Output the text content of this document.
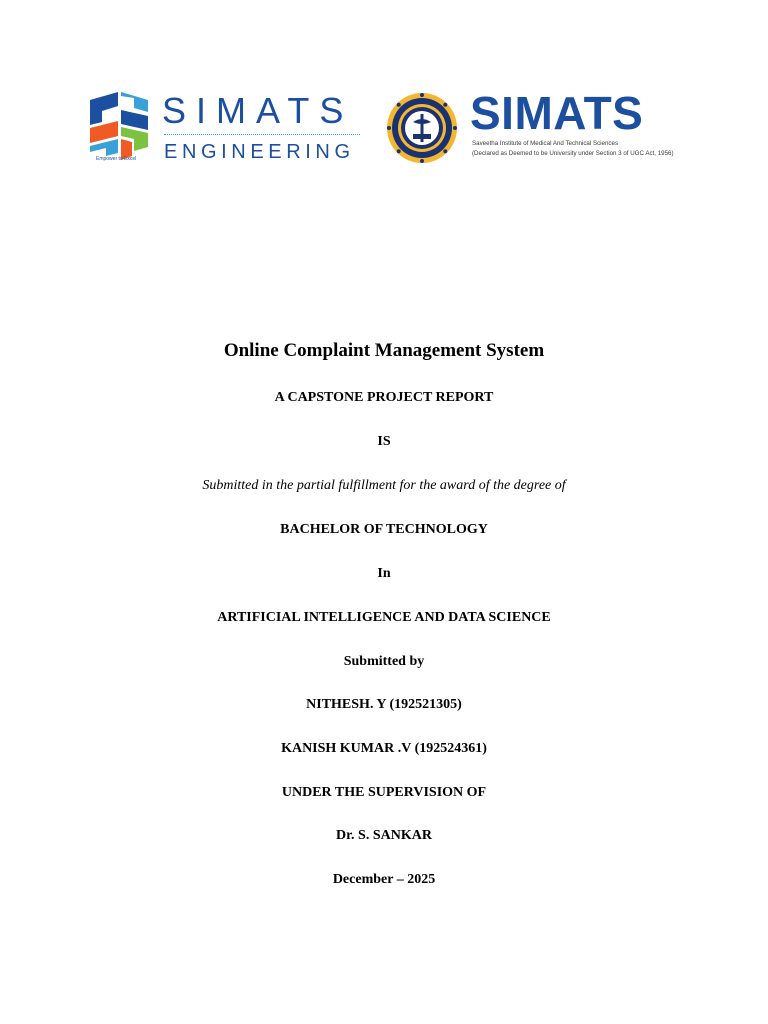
Empower to Excel
SIMATS
ENGINEERING
SIMATS
Saveetha Institute of Medical And Technical Sciences
(Declared as Deemed to be University under Section 3 of UGC Act, 1956)
Online Complaint Management System
A CAPSTONE PROJECT REPORT
IS
Submitted in the partial fulfillment for the award of the degree of
BACHELOR OF TECHNOLOGY
In
ARTIFICIAL INTELLIGENCE AND DATA SCIENCE
Submitted by
NITHESH. Y (192521305)
KANISH KUMAR .V (192524361)
UNDER THE SUPERVISION OF
Dr. S. SANKAR
December – 2025
